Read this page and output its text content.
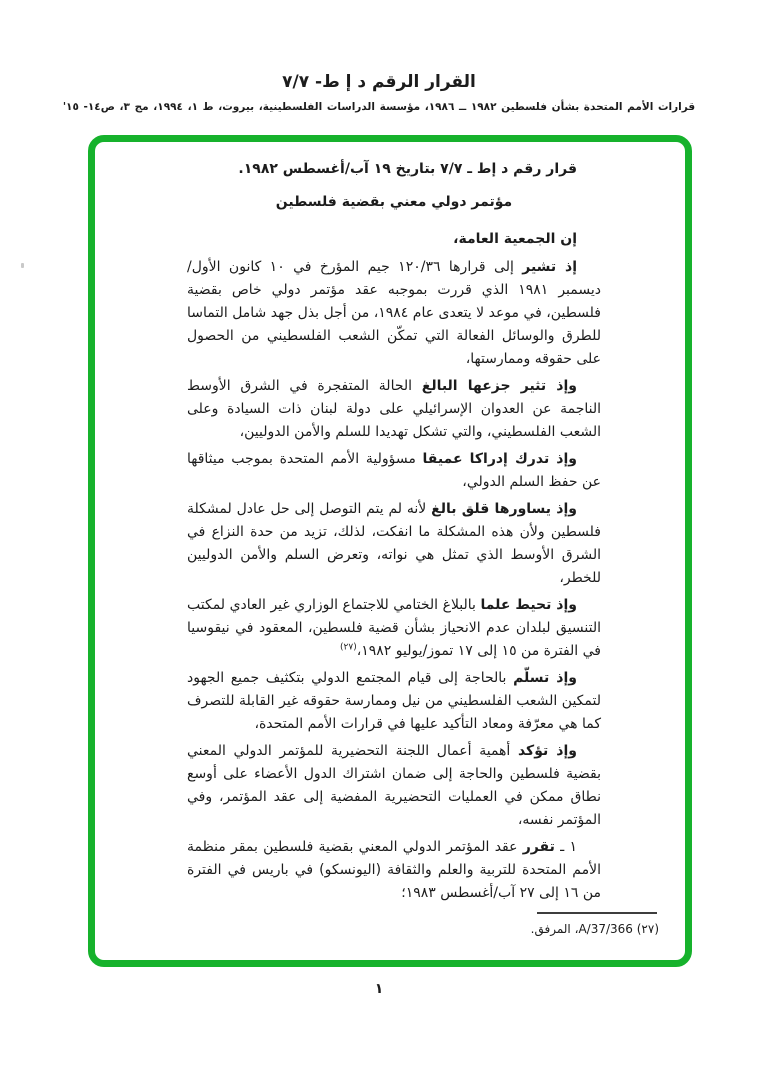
القرار الرقم د إ ط- ٧/٧

قرارات الأمم المتحدة بشأن فلسطين ١٩٨٢ ــ ١٩٨٦، مؤسسة الدراسات الفلسطينية، بيروت، ط ١، ١٩٩٤، مج ٣، ص١٤- ١٥'

قرار رقم د إط ـ ٧/٧ بتاريخ ١٩ آب/أغسطس ١٩٨٢.

مؤتمر دولي معني بقضية فلسطين

إن الجمعية العامة،

إذ تشير إلى قرارها ١٢٠/٣٦ جيم المؤرخ في ١٠ كانون الأول/ ديسمبر ١٩٨١ الذي قررت بموجبه عقد مؤتمر دولي خاص بقضية فلسطين، في موعد لا يتعدى عام ١٩٨٤، من أجل بذل جهد شامل التماسا للطرق والوسائل الفعالة التي تمكّن الشعب الفلسطيني من الحصول على حقوقه وممارستها،

وإذ تثير جزعها البالغ الحالة المتفجرة في الشرق الأوسط الناجمة عن العدوان الإسرائيلي على دولة لبنان ذات السيادة وعلى الشعب الفلسطيني، والتي تشكل تهديدا للسلم والأمن الدوليين،

وإذ تدرك إدراكا عميقا مسؤولية الأمم المتحدة بموجب ميثاقها عن حفظ السلم الدولي،

وإذ يساورها قلق بالغ لأنه لم يتم التوصل إلى حل عادل لمشكلة فلسطين ولأن هذه المشكلة ما انفكت، لذلك، تزيد من حدة النزاع في الشرق الأوسط الذي تمثل هي نواته، وتعرض السلم والأمن الدوليين للخطر،

وإذ تحيط علما بالبلاغ الختامي للاجتماع الوزاري غير العادي لمكتب التنسيق لبلدان عدم الانحياز بشأن قضية فلسطين، المعقود في نيقوسيا في الفترة من ١٥ إلى ١٧ تموز/يوليو ١٩٨٢،$^{(٢٧)}$

وإذ تسلّم بالحاجة إلى قيام المجتمع الدولي بتكثيف جميع الجهود لتمكين الشعب الفلسطيني من نيل وممارسة حقوقه غير القابلة للتصرف كما هي معرّفة ومعاد التأكيد عليها في قرارات الأمم المتحدة،

وإذ تؤكد أهمية أعمال اللجنة التحضيرية للمؤتمر الدولي المعني بقضية فلسطين والحاجة إلى ضمان اشتراك الدول الأعضاء على أوسع نطاق ممكن في العمليات التحضيرية المفضية إلى عقد المؤتمر، وفي المؤتمر نفسه،

١ ـ تقرر عقد المؤتمر الدولي المعني بقضية فلسطين بمقر منظمة الأمم المتحدة للتربية والعلم والثقافة (اليونسكو) في باريس في الفترة من ١٦ إلى ٢٧ آب/أغسطس ١٩٨٣؛

(٢٧) A/37/366، المرفق.

١
